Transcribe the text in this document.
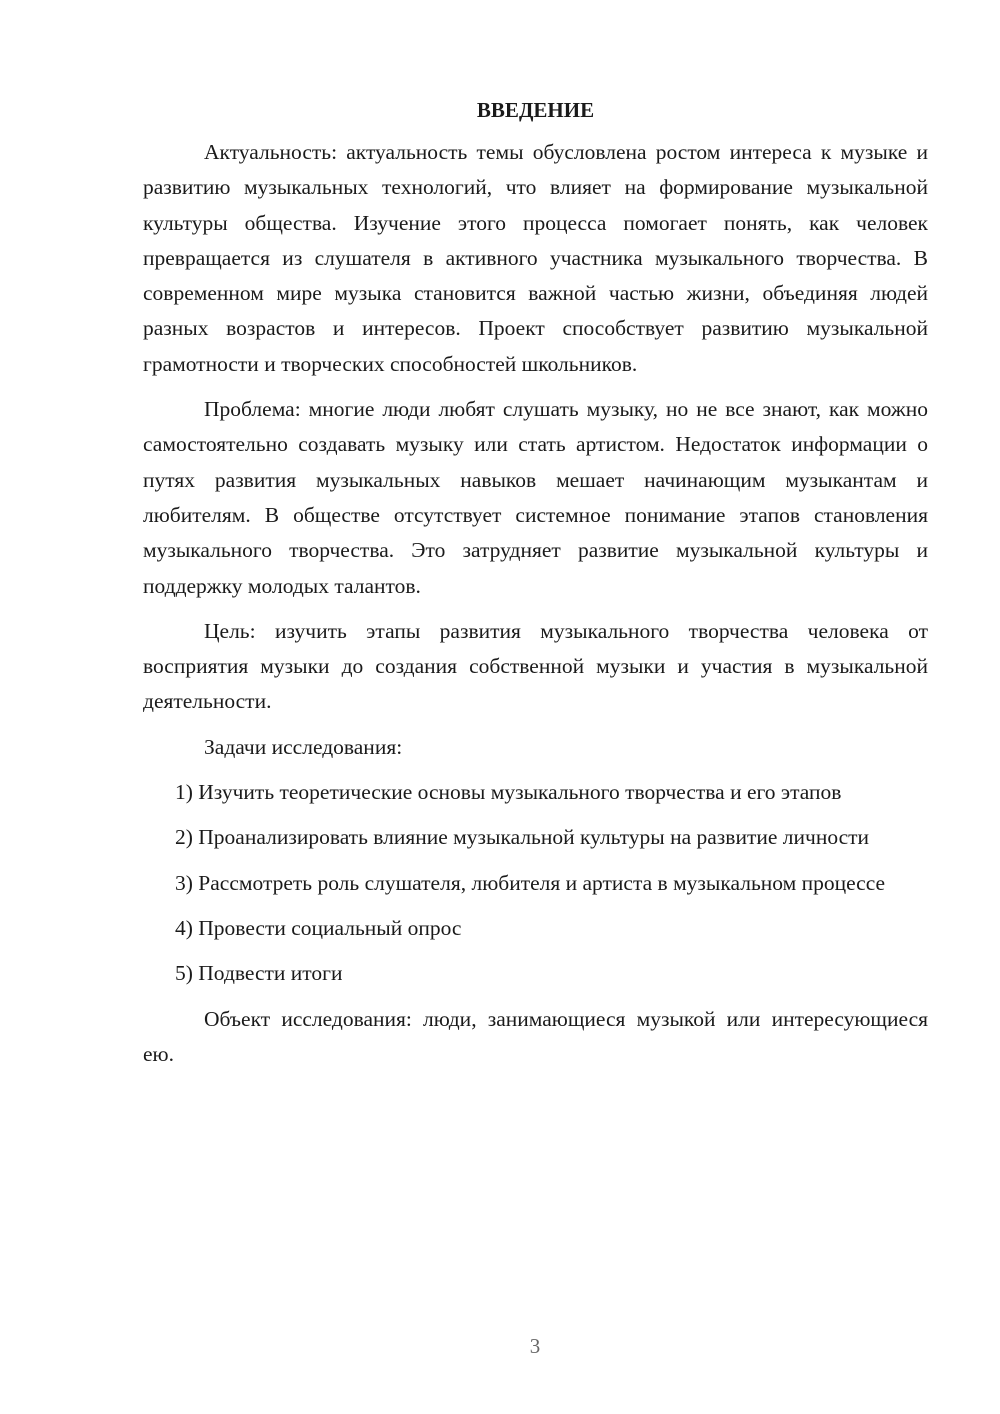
ВВЕДЕНИЕ

Актуальность: актуальность темы обусловлена ростом интереса к музыке и развитию музыкальных технологий, что влияет на формирование музыкальной культуры общества. Изучение этого процесса помогает понять, как человек превращается из слушателя в активного участника музыкального творчества. В современном мире музыка становится важной частью жизни, объединяя людей разных возрастов и интересов. Проект способствует развитию музыкальной грамотности и творческих способностей школьников.

Проблема: многие люди любят слушать музыку, но не все знают, как можно самостоятельно создавать музыку или стать артистом. Недостаток информации о путях развития музыкальных навыков мешает начинающим музыкантам и любителям. В обществе отсутствует системное понимание этапов становления музыкального творчества. Это затрудняет развитие музыкальной культуры и поддержку молодых талантов.

Цель: изучить этапы развития музыкального творчества человека от восприятия музыки до создания собственной музыки и участия в музыкальной деятельности.

Задачи исследования:

1) Изучить теоретические основы музыкального творчества и его этапов

2) Проанализировать влияние музыкальной культуры на развитие личности

3) Рассмотреть роль слушателя, любителя и артиста в музыкальном процессе

4) Провести социальный опрос

5) Подвести итоги

Объект исследования: люди, занимающиеся музыкой или интересующиеся ею.

3
